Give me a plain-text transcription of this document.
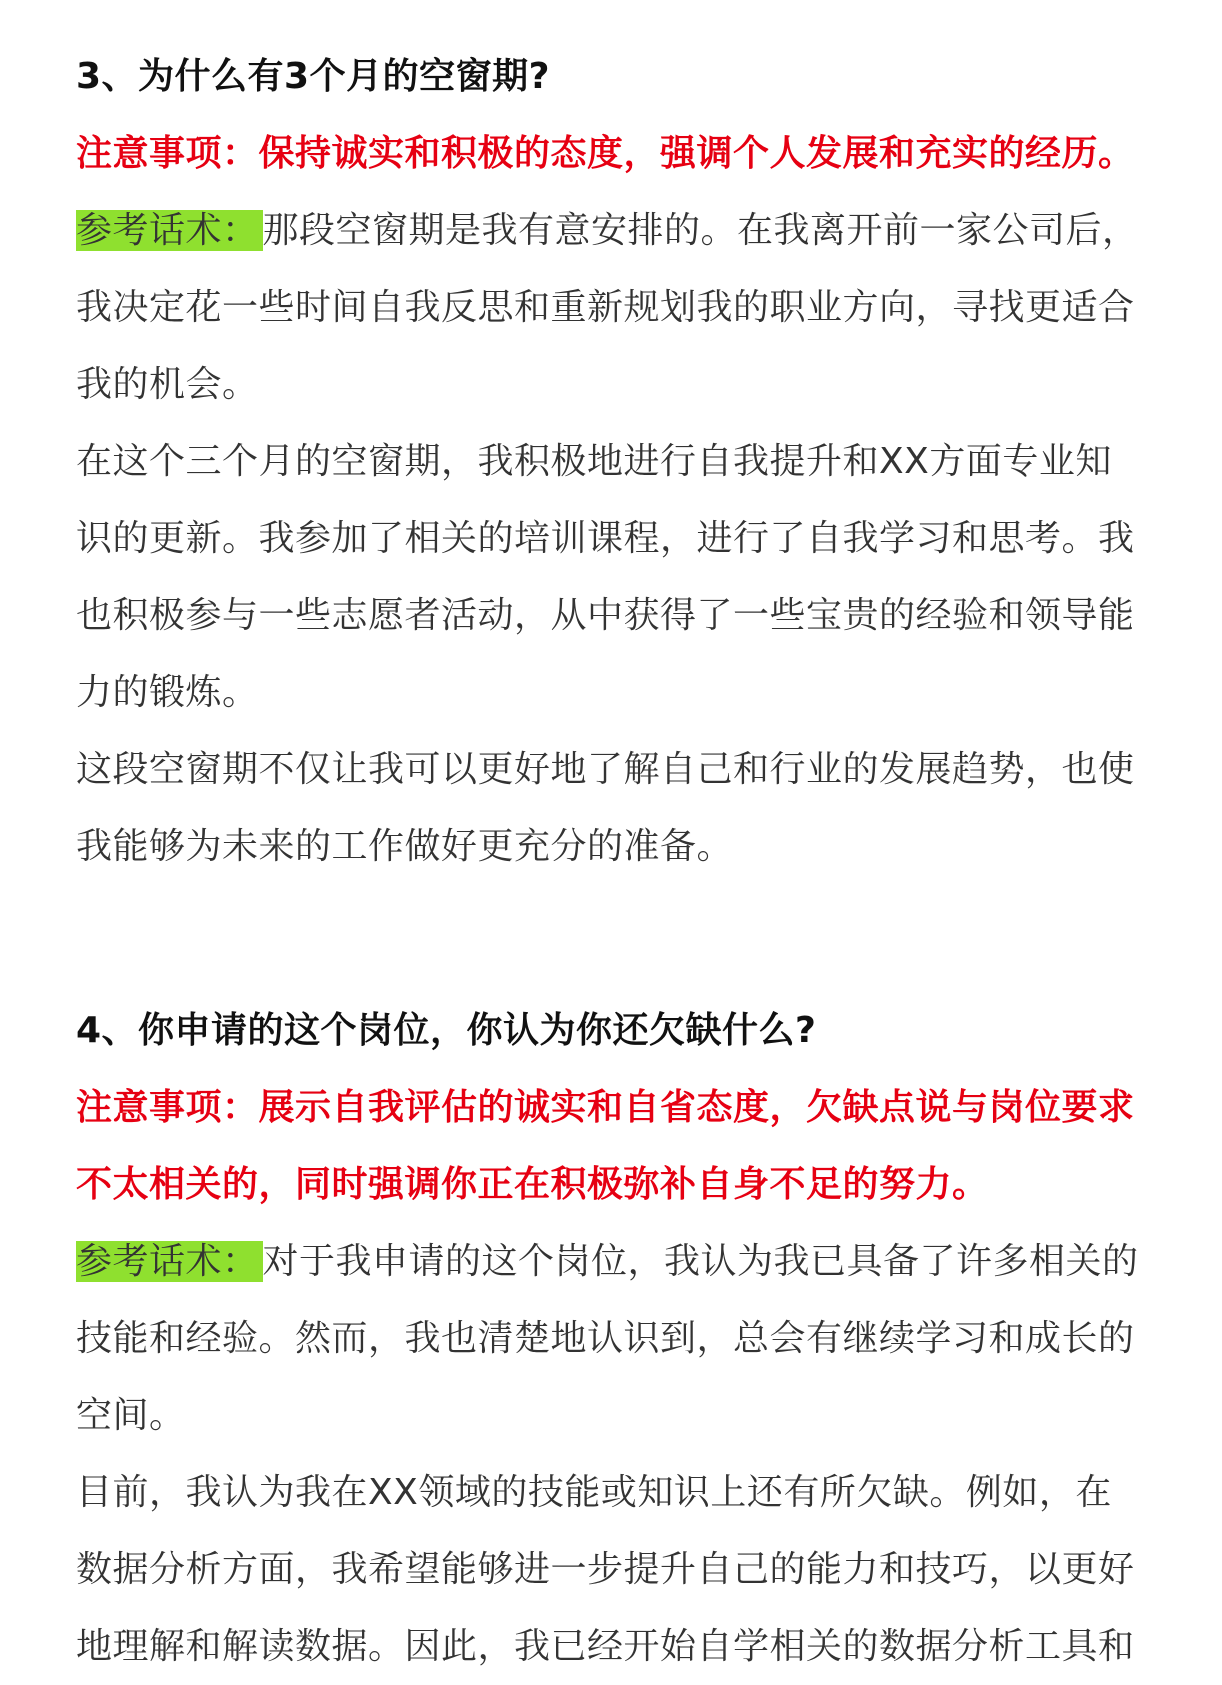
3、为什么有3个月的空窗期?
注意事项：保持诚实和积极的态度，强调个人发展和充实的经历。
参考话术： 那段空窗期是我有意安排的。在我离开前一家公司后，
我决定花一些时间自我反思和重新规划我的职业方向，寻找更适合
我的机会。
在这个三个月的空窗期，我积极地进行自我提升和XX方面专业知
识的更新。我参加了相关的培训课程，进行了自我学习和思考。我
也积极参与一些志愿者活动，从中获得了一些宝贵的经验和领导能
力的锻炼。
这段空窗期不仅让我可以更好地了解自己和行业的发展趋势，也使
我能够为未来的工作做好更充分的准备。
4、你申请的这个岗位，你认为你还欠缺什么?
注意事项：展示自我评估的诚实和自省态度，欠缺点说与岗位要求
不太相关的，同时强调你正在积极弥补自身不足的努力。
参考话术： 对于我申请的这个岗位，我认为我已具备了许多相关的
技能和经验。然而，我也清楚地认识到，总会有继续学习和成长的
空间。
目前，我认为我在XX领域的技能或知识上还有所欠缺。例如，在
数据分析方面，我希望能够进一步提升自己的能力和技巧，以更好
地理解和解读数据。因此，我已经开始自学相关的数据分析工具和
